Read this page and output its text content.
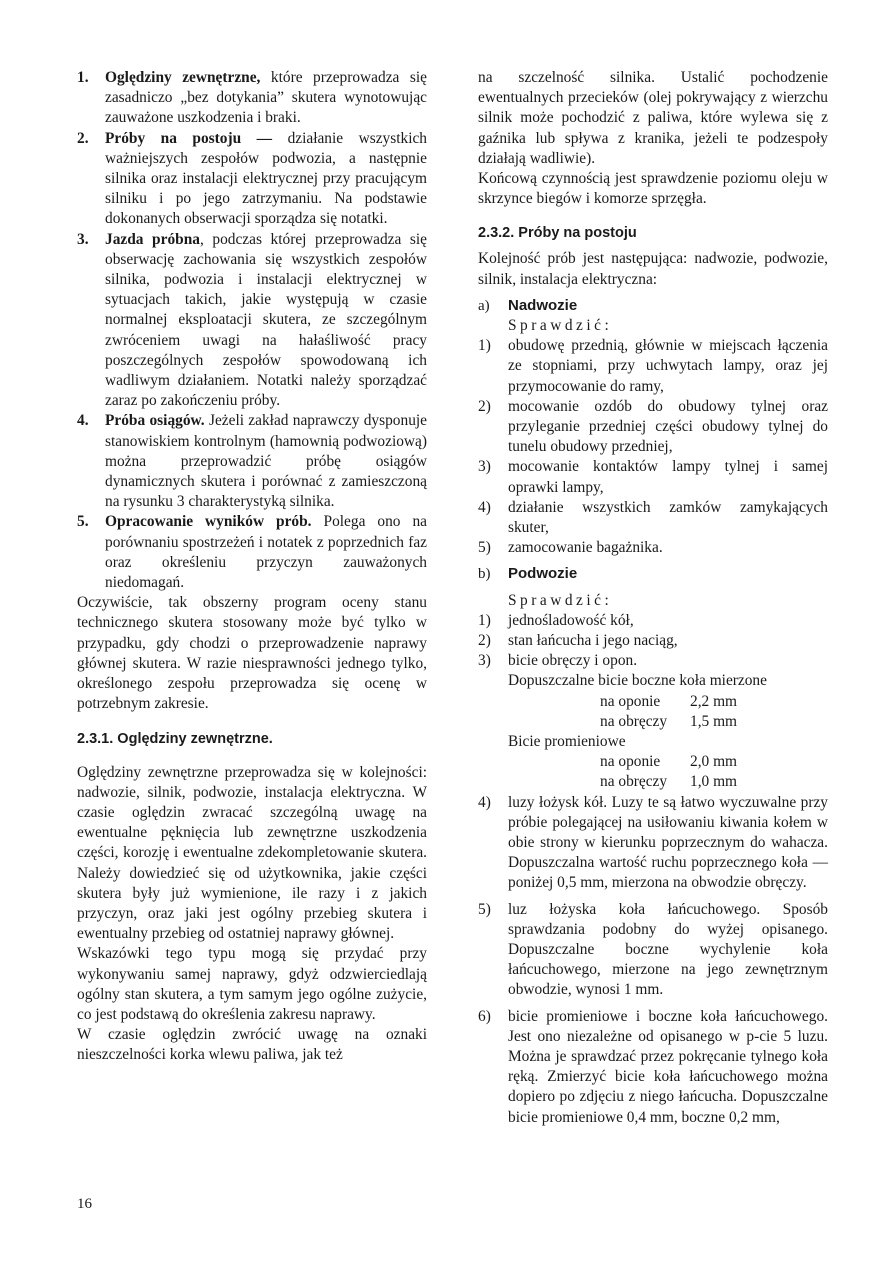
1. Oględziny zewnętrzne, które przeprowadza się zasadniczo „bez dotykania” skutera wynotowując zauważone uszkodzenia i braki.
2. Próby na postoju — działanie wszystkich ważniejszych zespołów podwozia, a następnie silnika oraz instalacji elektrycznej przy pracującym silniku i po jego zatrzymaniu. Na podstawie dokonanych obserwacji sporządza się notatki.
3. Jazda próbna, podczas której przeprowadza się obserwację zachowania się wszystkich zespołów silnika, podwozia i instalacji elektrycznej w sytuacjach takich, jakie występują w czasie normalnej eksploatacji skutera, ze szczególnym zwróceniem uwagi na hałaśliwość pracy poszczególnych zespołów spowodowaną ich wadliwym działaniem. Notatki należy sporządzać zaraz po zakończeniu próby.
4. Próba osiągów. Jeżeli zakład naprawczy dysponuje stanowiskiem kontrolnym (hamownią podwoziową) można przeprowadzić próbę osiągów dynamicznych skutera i porównać z zamieszczoną na rysunku 3 charakterystyką silnika.
5. Opracowanie wyników prób. Polega ono na porównaniu spostrzeżeń i notatek z poprzednich faz oraz określeniu przyczyn zauważonych niedomagań.

Oczywiście, tak obszerny program oceny stanu technicznego skutera stosowany może być tylko w przypadku, gdy chodzi o przeprowadzenie naprawy głównej skutera. W razie niesprawności jednego tylko, określonego zespołu przeprowadza się ocenę w potrzebnym zakresie.

2.3.1. Oględziny zewnętrzne.

Oględziny zewnętrzne przeprowadza się w kolejności: nadwozie, silnik, podwozie, instalacja elektryczna. W czasie oględzin zwracać szczególną uwagę na ewentualne pęknięcia lub zewnętrzne uszkodzenia części, korozję i ewentualne zdekompletowanie skutera. Należy dowiedzieć się od użytkownika, jakie części skutera były już wymienione, ile razy i z jakich przyczyn, oraz jaki jest ogólny przebieg skutera i ewentualny przebieg od ostatniej naprawy głównej.

Wskazówki tego typu mogą się przydać przy wykonywaniu samej naprawy, gdyż odzwierciedlają ogólny stan skutera, a tym samym jego ogólne zużycie, co jest podstawą do określenia zakresu naprawy.

W czasie oględzin zwrócić uwagę na oznaki nieszczelności korka wlewu paliwa, jak też

na szczelność silnika. Ustalić pochodzenie ewentualnych przecieków (olej pokrywający z wierzchu silnik może pochodzić z paliwa, które wylewa się z gaźnika lub spływa z kranika, jeżeli te podzespoły działają wadliwie).

Końcową czynnością jest sprawdzenie poziomu oleju w skrzynce biegów i komorze sprzęgła.

2.3.2. Próby na postoju

Kolejność prób jest następująca: nadwozie, podwozie, silnik, instalacja elektryczna:

a) Nadwozie
Sprawdzić:
1) obudowę przednią, głównie w miejscach łączenia ze stopniami, przy uchwytach lampy, oraz jej przymocowanie do ramy,
2) mocowanie ozdób do obudowy tylnej oraz przyleganie przedniej części obudowy tylnej do tunelu obudowy przedniej,
3) mocowanie kontaktów lampy tylnej i samej oprawki lampy,
4) działanie wszystkich zamków zamykających skuter,
5) zamocowanie bagażnika.
b) Podwozie
Sprawdzić:
1) jednośladowość kół,
2) stan łańcucha i jego naciąg,
3) bicie obręczy i opon.
Dopuszczalne bicie boczne koła mierzone
na oponie 2,2 mm
na obręczy 1,5 mm
Bicie promieniowe
na oponie 2,0 mm
na obręczy 1,0 mm
4) luzy łożysk kół. Luzy te są łatwo wyczuwalne przy próbie polegającej na usiłowaniu kiwania kołem w obie strony w kierunku poprzecznym do wahacza. Dopuszczalna wartość ruchu poprzecznego koła — poniżej 0,5 mm, mierzona na obwodzie obręczy.
5) luz łożyska koła łańcuchowego. Sposób sprawdzania podobny do wyżej opisanego. Dopuszczalne boczne wychylenie koła łańcuchowego, mierzone na jego zewnętrznym obwodzie, wynosi 1 mm.
6) bicie promieniowe i boczne koła łańcuchowego. Jest ono niezależne od opisanego w p-cie 5 luzu. Można je sprawdzać przez pokręcanie tylnego koła ręką. Zmierzyć bicie koła łańcuchowego można dopiero po zdjęciu z niego łańcucha. Dopuszczalne bicie promieniowe 0,4 mm, boczne 0,2 mm,
16
